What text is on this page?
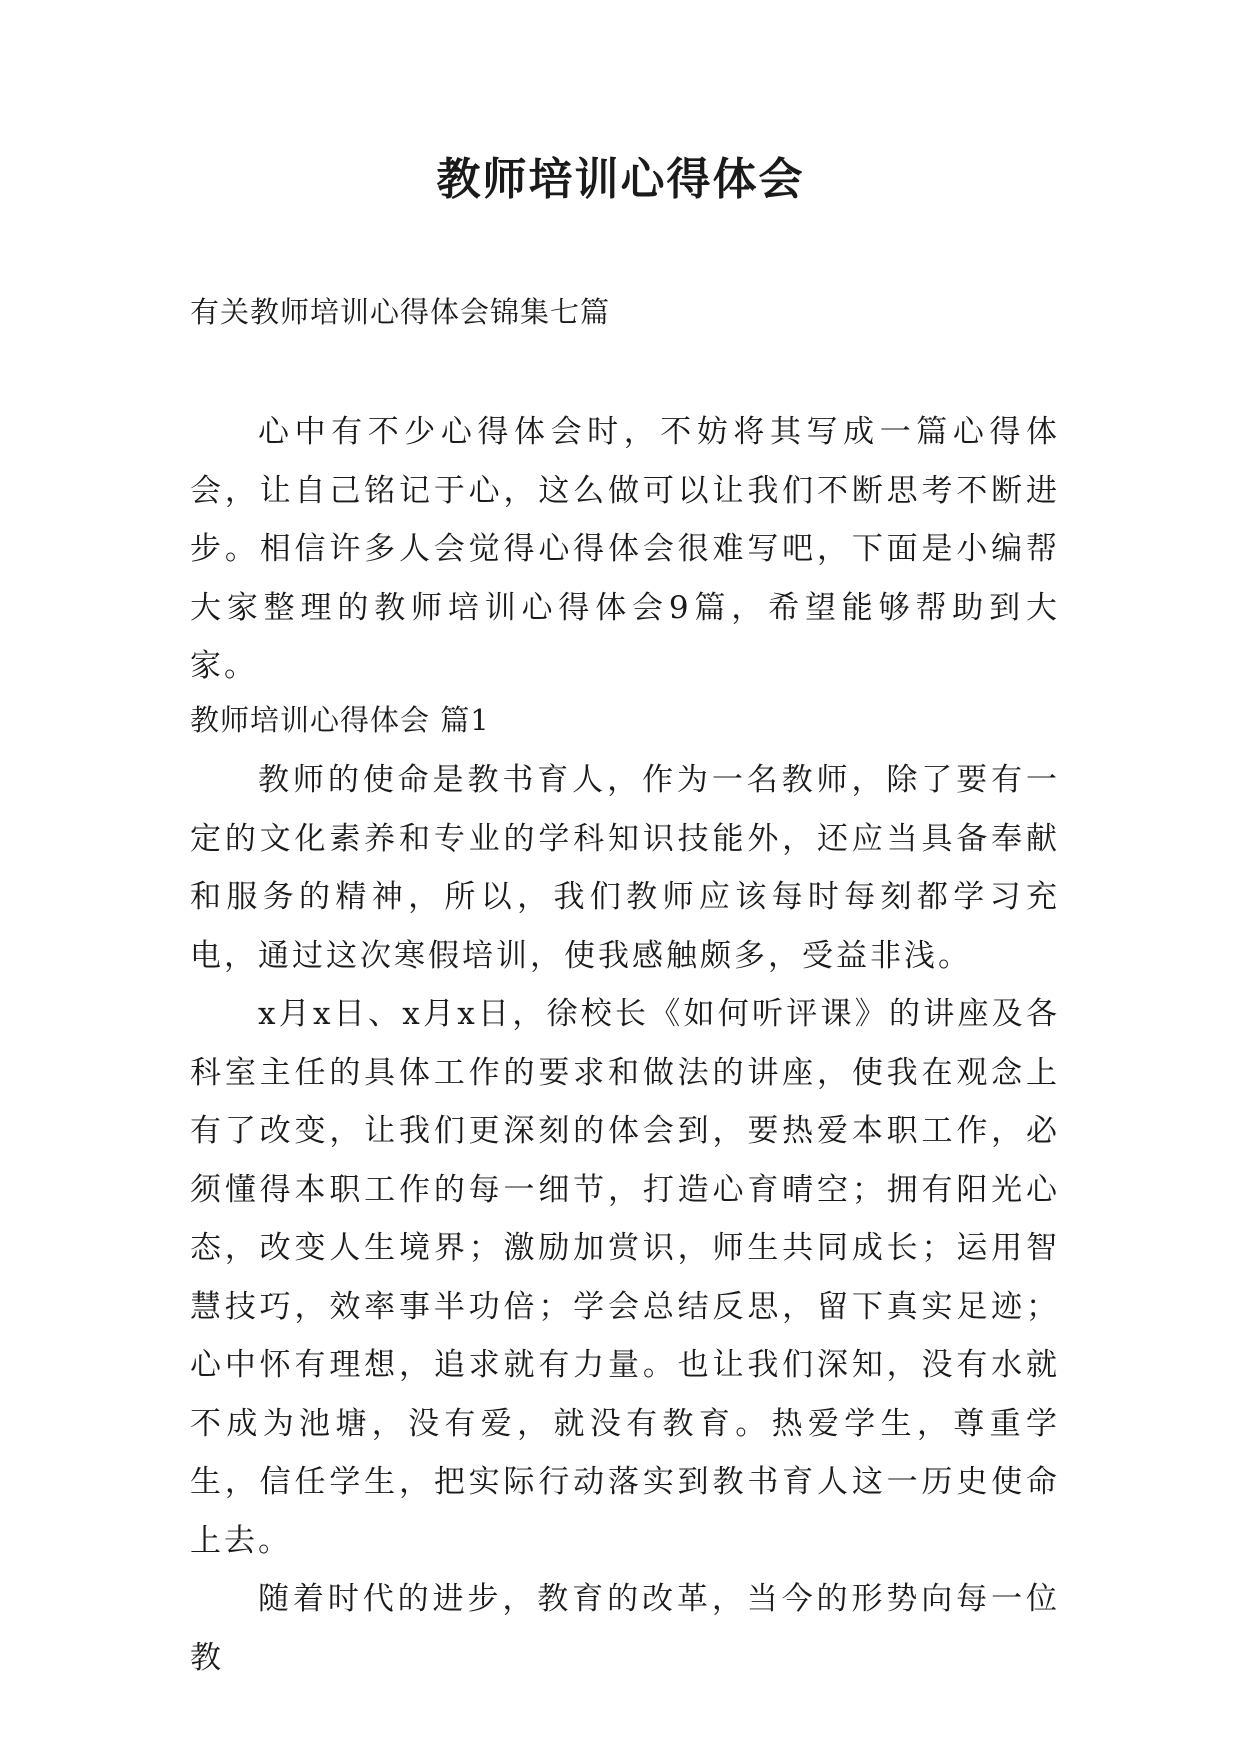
教师培训心得体会

有关教师培训心得体会锦集七篇

心中有不少心得体会时，不妨将其写成一篇心得体会，让自己铭记于心，这么做可以让我们不断思考不断进步。相信许多人会觉得心得体会很难写吧，下面是小编帮大家整理的教师培训心得体会9篇，希望能够帮助到大家。

教师培训心得体会 篇1

教师的使命是教书育人，作为一名教师，除了要有一定的文化素养和专业的学科知识技能外，还应当具备奉献和服务的精神，所以，我们教师应该每时每刻都学习充电，通过这次寒假培训，使我感触颇多，受益非浅。

x月x日、x月x日，徐校长《如何听评课》的讲座及各科室主任的具体工作的要求和做法的讲座，使我在观念上有了改变，让我们更深刻的体会到，要热爱本职工作，必须懂得本职工作的每一细节，打造心育晴空；拥有阳光心态，改变人生境界；激励加赏识，师生共同成长；运用智慧技巧，效率事半功倍；学会总结反思，留下真实足迹；心中怀有理想，追求就有力量。也让我们深知，没有水就不成为池塘，没有爱，就没有教育。热爱学生，尊重学生，信任学生，把实际行动落实到教书育人这一历史使命上去。

随着时代的进步，教育的改革，当今的形势向每一位教
